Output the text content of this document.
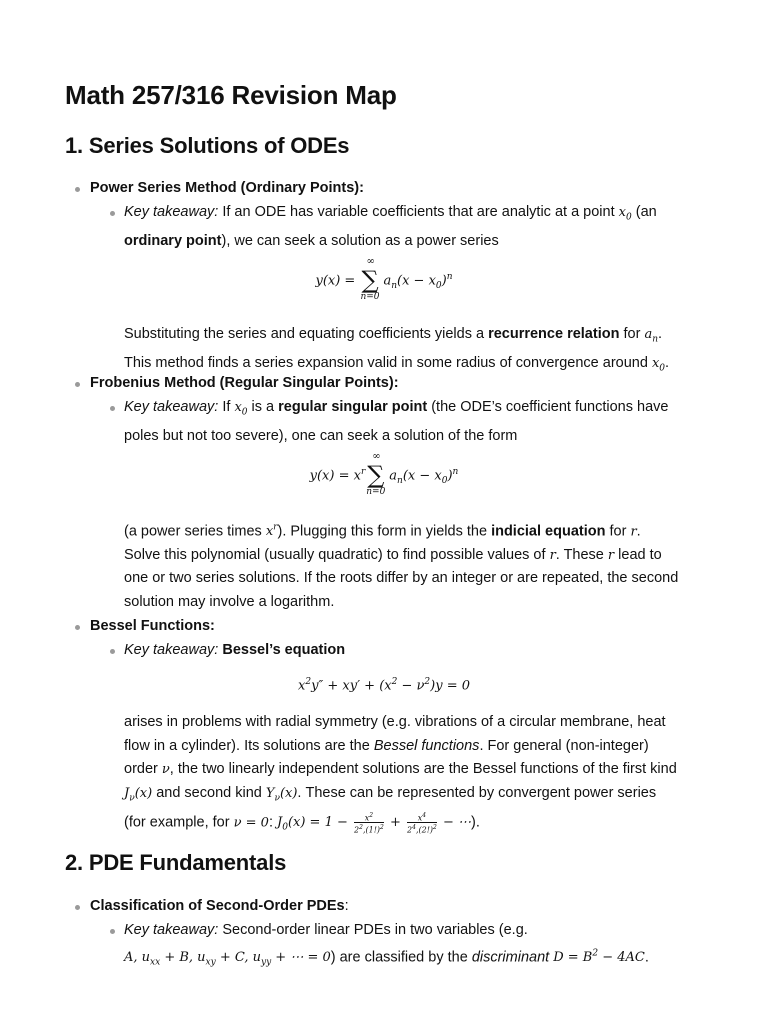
Math 257/316 Revision Map
1. Series Solutions of ODEs
Power Series Method (Ordinary Points):
Key takeaway: If an ODE has variable coefficients that are analytic at a point $x_0$ (an
ordinary point), we can seek a solution as a power series
y(x) =
∞
∑
n=0
$a_n(x - x_0)^n$
Substituting the series and equating coefficients yields a recurrence relation for $a_n$.
This method finds a series expansion valid in some radius of convergence around $x_0$.
Frobenius Method (Regular Singular Points):
Key takeaway: If $x_0$ is a regular singular point (the ODE’s coefficient functions have
poles but not too severe), one can seek a solution of the form
$y(x) = x^r$
∞
∑
n=0
$a_n(x - x_0)^n$
(a power series times $x^r$). Plugging this form in yields the indicial equation for r.
Solve this polynomial (usually quadratic) to find possible values of r. These r lead to
one or two series solutions. If the roots differ by an integer or are repeated, the second
solution may involve a logarithm.
Bessel Functions:
Key takeaway: Bessel’s equation
$x^2y'' + xy' + (x^2 - \nu^2)y = 0$
arises in problems with radial symmetry (e.g. vibrations of a circular membrane, heat
flow in a cylinder). Its solutions are the Bessel functions. For general (non-integer)
order ν, the two linearly independent solutions are the Bessel functions of the first kind
$J_\nu(x)$ and second kind $Y_\nu(x)$. These can be represented by convergent power series
(for example, for ν = 0: $J_0(x) = 1 - \frac{x^2}{2^2,(1!)^2} + \frac{x^4}{2^4,(2!)^2}$ − ⋯).
2. PDE Fundamentals
Classification of Second-Order PDEs:
Key takeaway: Second-order linear PDEs in two variables (e.g.
A, $u_{xx} + B$, $u_{xy} + C$, $u_{yy}$ + ⋯ = 0) are classified by the discriminant $D = B^2 - 4AC$.
